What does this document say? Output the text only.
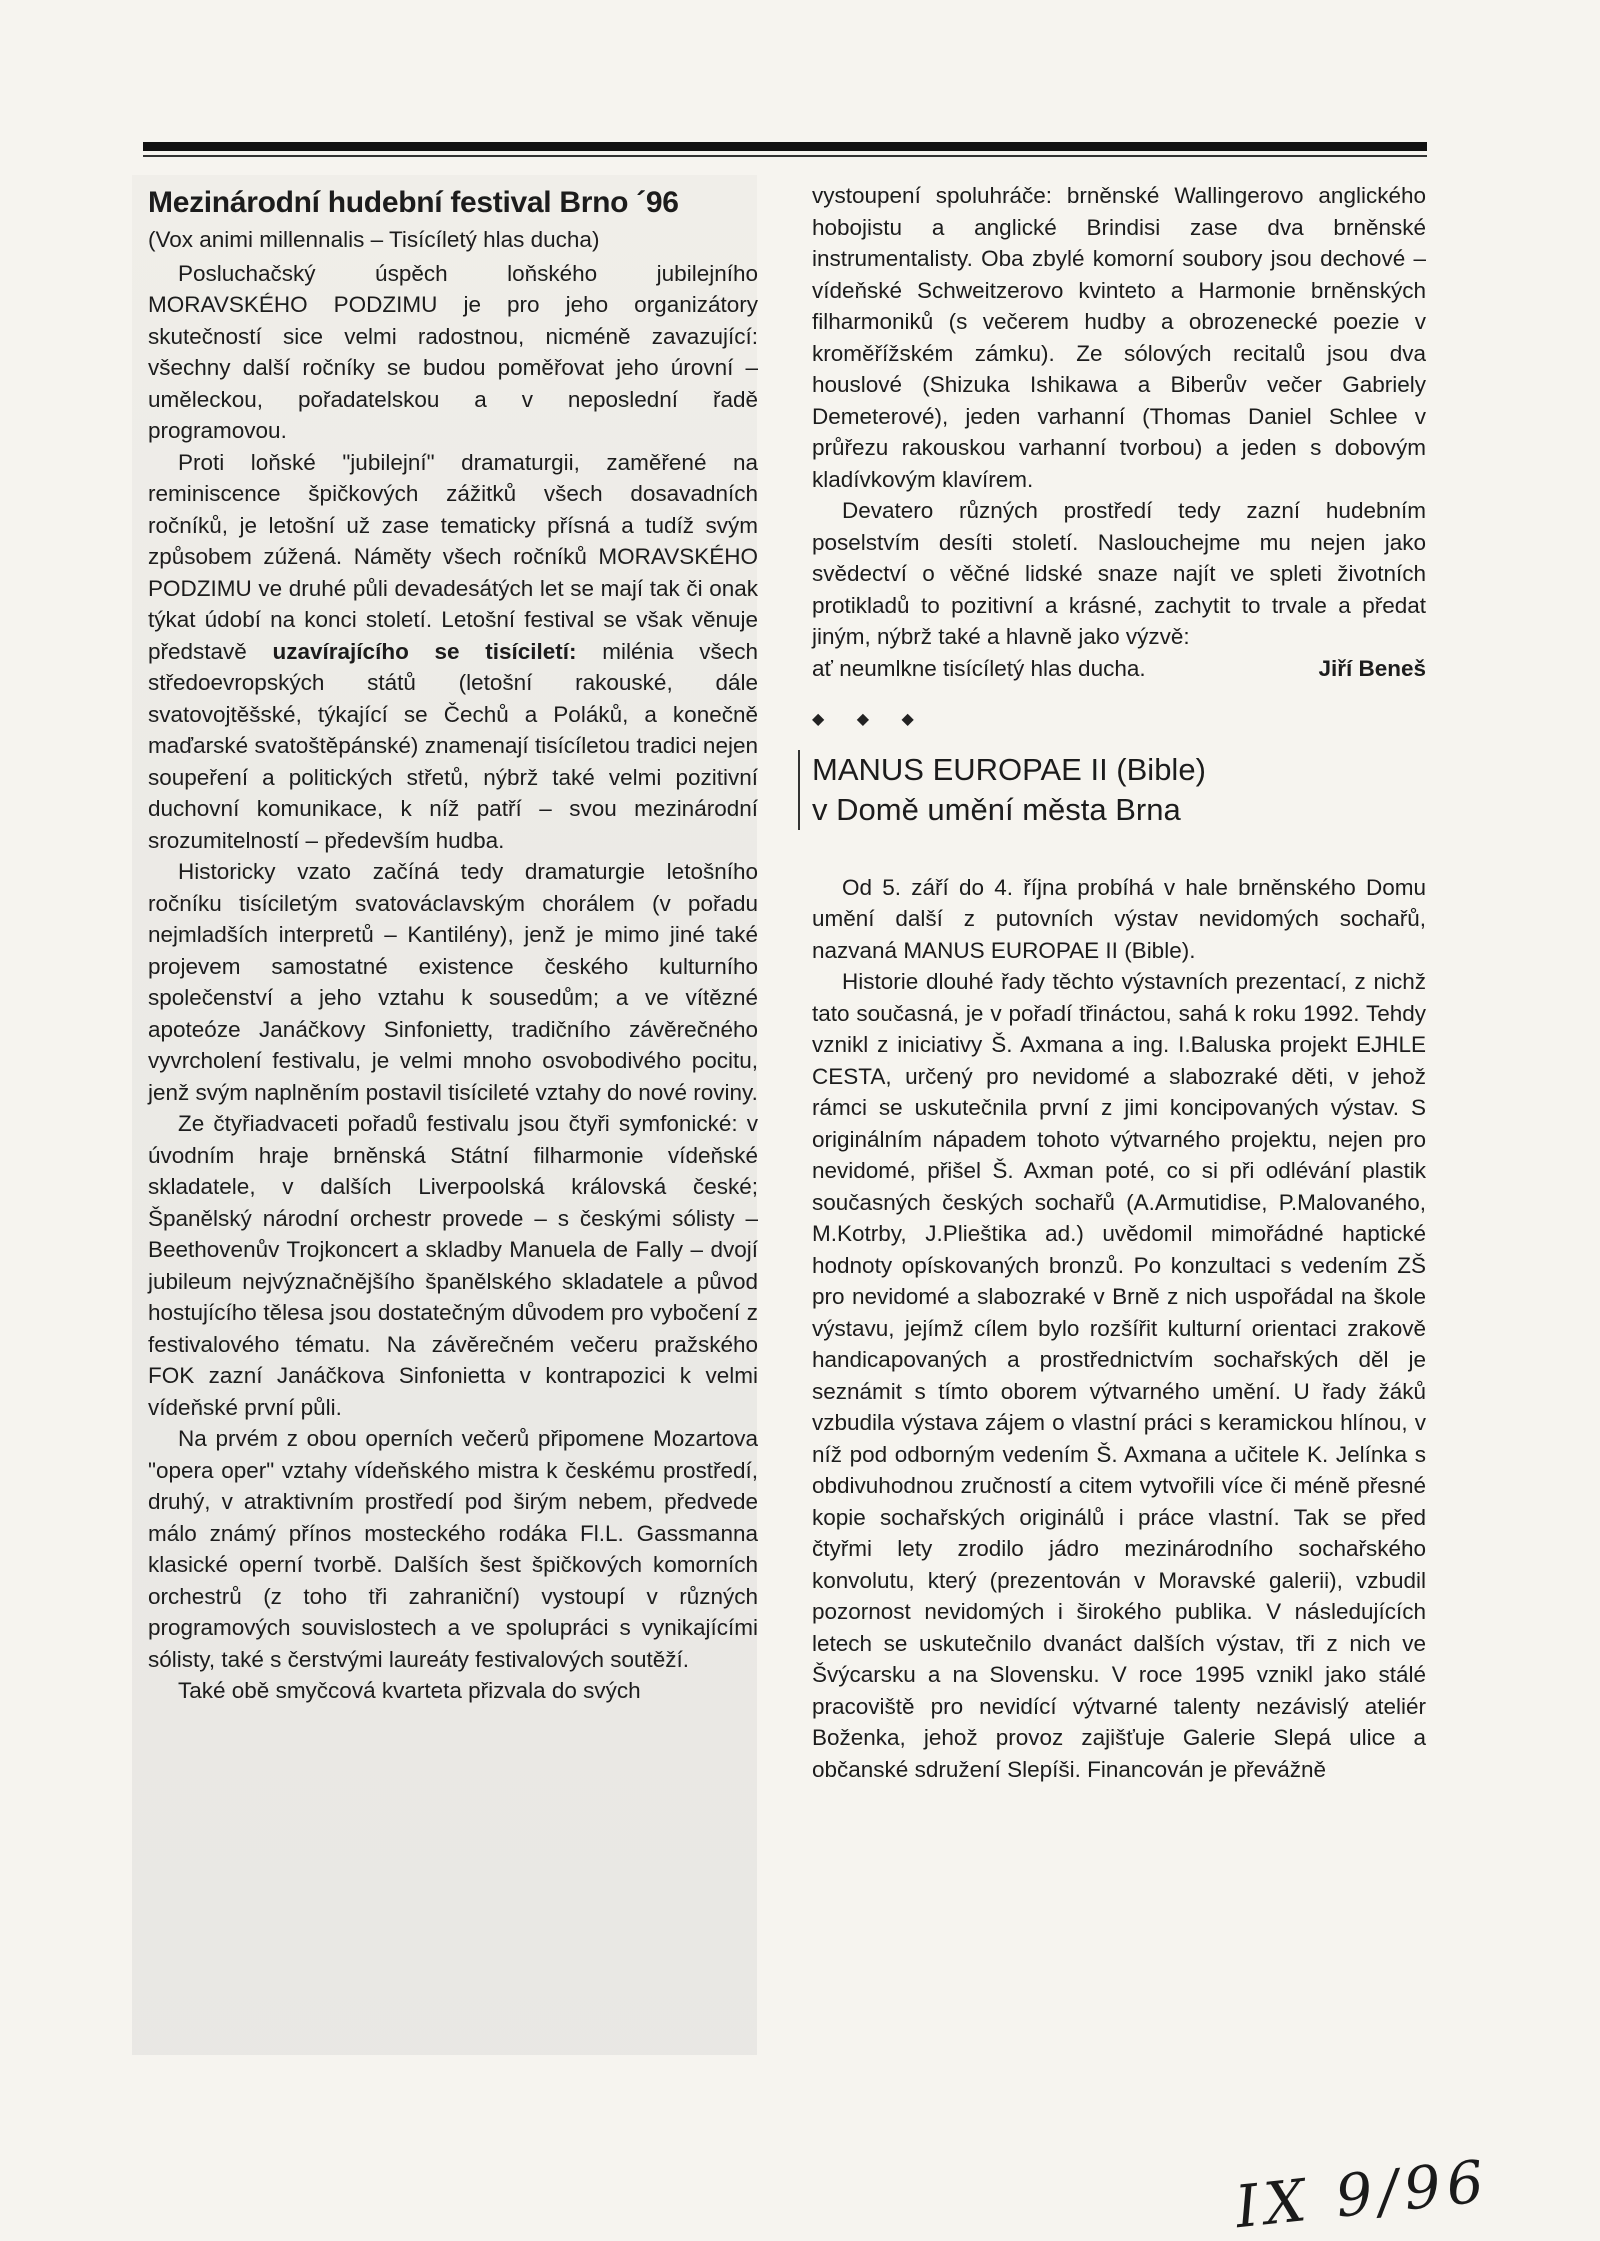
Mezinárodní hudební festival Brno ´96
(Vox animi millennalis – Tisícíletý hlas ducha)

Posluchačský úspěch loňského jubilejního MORAVSKÉHO PODZIMU je pro jeho organizátory skutečností sice velmi radostnou, nicméně zavazující: všechny další ročníky se budou poměřovat jeho úrovní – uměleckou, pořadatelskou a v neposlední řadě programovou.

Proti loňské "jubilejní" dramaturgii, zaměřené na reminiscence špičkových zážitků všech dosavadních ročníků, je letošní už zase tematicky přísná a tudíž svým způsobem zúžená. Náměty všech ročníků MORAVSKÉHO PODZIMU ve druhé půli devadesátých let se mají tak či onak týkat údobí na konci století. Letošní festival se však věnuje představě uzavírajícího se tisíciletí: milénia všech středoevropských států (letošní rakouské, dále svatovojtěšské, týkající se Čechů a Poláků, a konečně maďarské svatoštěpánské) znamenají tisícíletou tradici nejen soupeření a politických střetů, nýbrž také velmi pozitivní duchovní komunikace, k níž patří – svou mezinárodní srozumitelností – především hudba.

Historicky vzato začíná tedy dramaturgie letošního ročníku tisíciletým svatováclavským chorálem (v pořadu nejmladších interpretů – Kantilény), jenž je mimo jiné také projevem samostatné existence českého kulturního společenství a jeho vztahu k sousedům; a ve vítězné apoteóze Janáčkovy Sinfonietty, tradičního závěrečného vyvrcholení festivalu, je velmi mnoho osvobodivého pocitu, jenž svým naplněním postavil tisícileté vztahy do nové roviny.

Ze čtyřiadvaceti pořadů festivalu jsou čtyři symfonické: v úvodním hraje brněnská Státní filharmonie vídeňské skladatele, v dalších Liverpoolská královská české; Španělský národní orchestr provede – s českými sólisty – Beethovenův Trojkoncert a skladby Manuela de Fally – dvojí jubileum nejvýznačnějšího španělského skladatele a původ hostujícího tělesa jsou dostatečným důvodem pro vybočení z festivalového tématu. Na závěrečném večeru pražského FOK zazní Janáčkova Sinfonietta v kontrapozici k velmi vídeňské první půli.

Na prvém z obou operních večerů připomene Mozartova "opera oper" vztahy vídeňského mistra k českému prostředí, druhý, v atraktivním prostředí pod širým nebem, předvede málo známý přínos mosteckého rodáka Fl.L. Gassmanna klasické operní tvorbě. Dalších šest špičkových komorních orchestrů (z toho tři zahraniční) vystoupí v různých programových souvislostech a ve spolupráci s vynikajícími sólisty, také s čerstvými laureáty festivalových soutěží.

Také obě smyčcová kvarteta přizvala do svých

vystoupení spoluhráče: brněnské Wallingerovo anglického hobojistu a anglické Brindisi zase dva brněnské instrumentalisty. Oba zbylé komorní soubory jsou dechové – vídeňské Schweitzerovo kvinteto a Harmonie brněnských filharmoniků (s večerem hudby a obrozenecké poezie v kroměřížském zámku). Ze sólových recitalů jsou dva houslové (Shizuka Ishikawa a Biberův večer Gabriely Demeterové), jeden varhanní (Thomas Daniel Schlee v průřezu rakouskou varhanní tvorbou) a jeden s dobovým kladívkovým klavírem.

Devatero různých prostředí tedy zazní hudebním poselstvím desíti století. Naslouchejme mu nejen jako svědectví o věčné lidské snaze najít ve spleti životních protikladů to pozitivní a krásné, zachytit to trvale a předat jiným, nýbrž také a hlavně jako výzvě:

ať neumlkne tisícíletý hlas ducha.	Jiří Beneš
◆ ◆ ◆
MANUS EUROPAE II (Bible)
v Domě umění města Brna

Od 5. září do 4. října probíhá v hale brněnského Domu umění další z putovních výstav nevidomých sochařů, nazvaná MANUS EUROPAE II (Bible).

Historie dlouhé řady těchto výstavních prezentací, z nichž tato současná, je v pořadí třináctou, sahá k roku 1992. Tehdy vznikl z iniciativy Š. Axmana a ing. I.Baluska projekt EJHLE CESTA, určený pro nevidomé a slabozraké děti, v jehož rámci se uskutečnila první z jimi koncipovaných výstav. S originálním nápadem tohoto výtvarného projektu, nejen pro nevidomé, přišel Š. Axman poté, co si při odlévání plastik současných českých sochařů (A.Armutidise, P.Malovaného, M.Kotrby, J.Plieštika ad.) uvědomil mimořádné haptické hodnoty opískovaných bronzů. Po konzultaci s vedením ZŠ pro nevidomé a slabozraké v Brně z nich uspořádal na škole výstavu, jejímž cílem bylo rozšířit kulturní orientaci zrakově handicapovaných a prostřednictvím sochařských děl je seznámit s tímto oborem výtvarného umění. U řady žáků vzbudila výstava zájem o vlastní práci s keramickou hlínou, v níž pod odborným vedením Š. Axmana a učitele K. Jelínka s obdivuhodnou zručností a citem vytvořili více či méně přesné kopie sochařských originálů i práce vlastní. Tak se před čtyřmi lety zrodilo jádro mezinárodního sochařského konvolutu, který (prezentován v Moravské galerii), vzbudil pozornost nevidomých i širokého publika. V následujících letech se uskutečnilo dvanáct dalších výstav, tři z nich ve Švýcarsku a na Slovensku. V roce 1995 vznikl jako stálé pracoviště pro nevidící výtvarné talenty nezávislý ateliér Boženka, jehož provoz zajišťuje Galerie Slepá ulice a občanské sdružení Slepíši. Financován je převážně

IX 9/96
